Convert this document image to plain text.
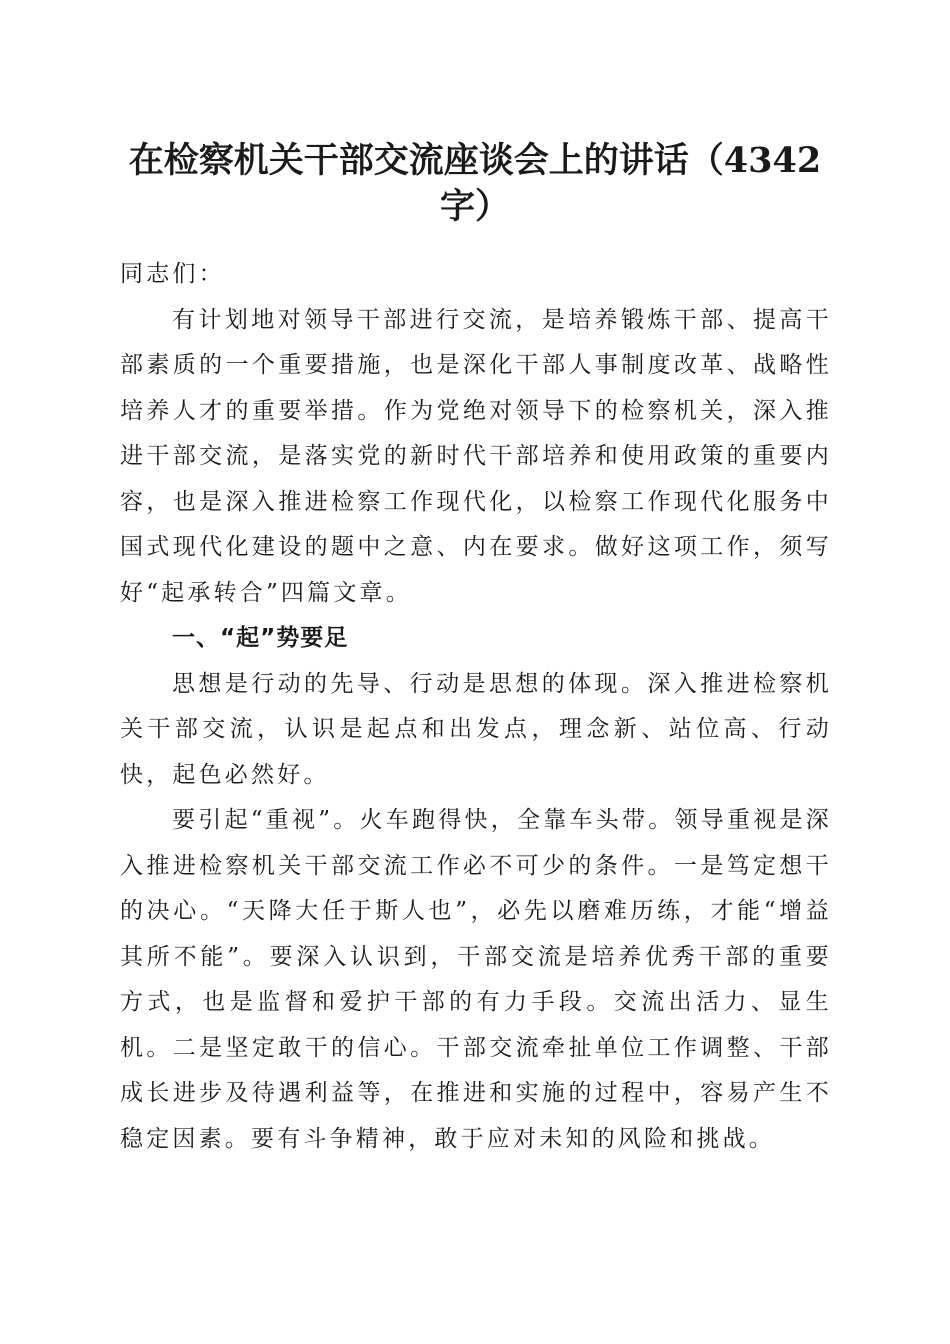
在检察机关干部交流座谈会上的讲话（4342字）

同志们：

有计划地对领导干部进行交流，是培养锻炼干部、提高干部素质的一个重要措施，也是深化干部人事制度改革、战略性培养人才的重要举措。作为党绝对领导下的检察机关，深入推进干部交流，是落实党的新时代干部培养和使用政策的重要内容，也是深入推进检察工作现代化，以检察工作现代化服务中国式现代化建设的题中之意、内在要求。做好这项工作，须写好“起承转合”四篇文章。

一、“起”势要足

思想是行动的先导、行动是思想的体现。深入推进检察机关干部交流，认识是起点和出发点，理念新、站位高、行动快，起色必然好。

要引起“重视”。火车跑得快，全靠车头带。领导重视是深入推进检察机关干部交流工作必不可少的条件。一是笃定想干的决心。“天降大任于斯人也”，必先以磨难历练，才能“增益其所不能”。要深入认识到，干部交流是培养优秀干部的重要方式，也是监督和爱护干部的有力手段。交流出活力、显生机。二是坚定敢干的信心。干部交流牵扯单位工作调整、干部成长进步及待遇利益等，在推进和实施的过程中，容易产生不稳定因素。要有斗争精神，敢于应对未知的风险和挑战。
